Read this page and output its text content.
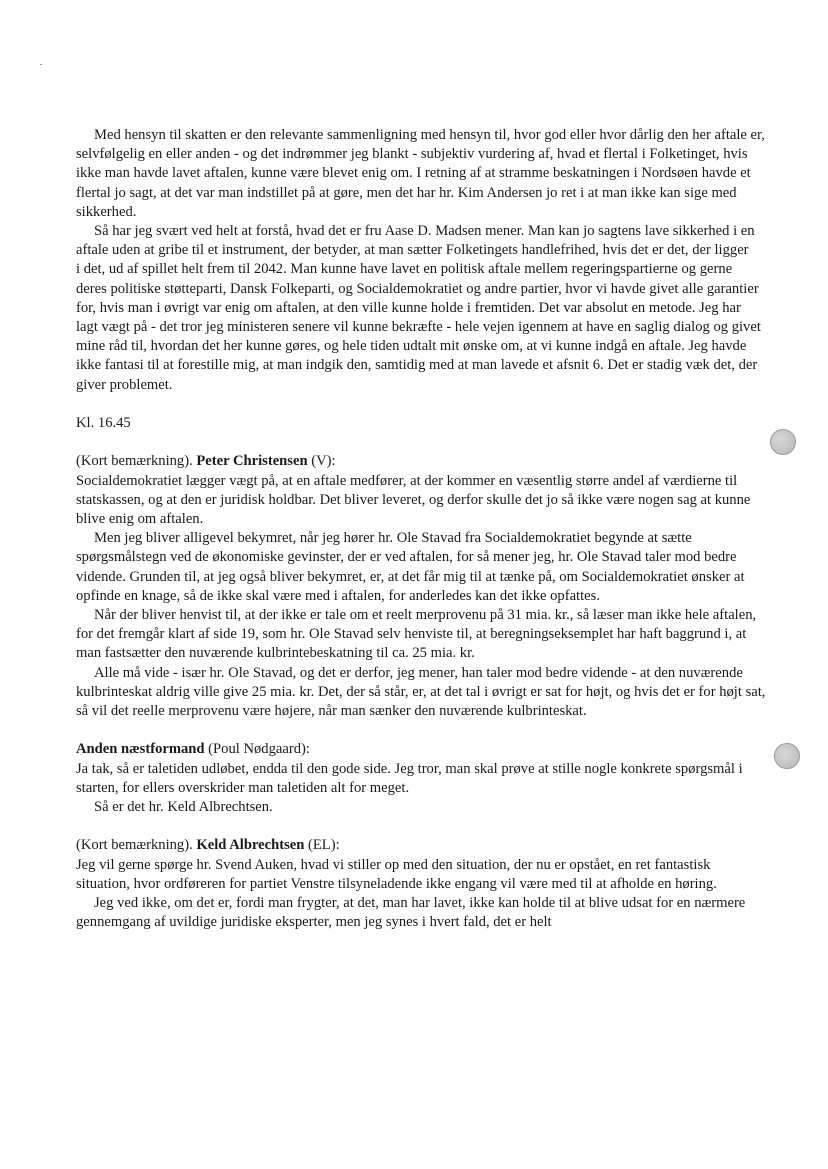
Med hensyn til skatten er den relevante sammenligning med hensyn til, hvor god eller hvor dårlig den her aftale er, selvfølgelig en eller anden - og det indrømmer jeg blankt - subjektiv vurdering af, hvad et flertal i Folketinget, hvis ikke man havde lavet aftalen, kunne være blevet enig om. I retning af at stramme beskatningen i Nordsøen havde et flertal jo sagt, at det var man indstillet på at gøre, men det har hr. Kim Andersen jo ret i at man ikke kan sige med sikkerhed.

Så har jeg svært ved helt at forstå, hvad det er fru Aase D. Madsen mener. Man kan jo sagtens lave sikkerhed i en aftale uden at gribe til et instrument, der betyder, at man sætter Folketingets handlefrihed, hvis det er det, der ligger

i det, ud af spillet helt frem til 2042. Man kunne have lavet en politisk aftale mellem regeringspartierne og gerne deres politiske støtteparti, Dansk Folkeparti, og Socialdemokratiet og andre partier, hvor vi havde givet alle garantier for, hvis man i øvrigt var enig om aftalen, at den ville kunne holde i fremtiden. Det var absolut en metode. Jeg har lagt vægt på - det tror jeg ministeren senere vil kunne bekræfte - hele vejen igennem at have en saglig dialog og givet mine råd til, hvordan det her kunne gøres, og hele tiden udtalt mit ønske om, at vi kunne indgå en aftale. Jeg havde ikke fantasi til at forestille mig, at man indgik den, samtidig med at man lavede et afsnit 6. Det er stadig væk det, der giver problemet.

Kl. 16.45

(Kort bemærkning). Peter Christensen (V):

Socialdemokratiet lægger vægt på, at en aftale medfører, at der kommer en væsentlig større andel af værdierne til statskassen, og at den er juridisk holdbar. Det bliver leveret, og derfor skulle det jo så ikke være nogen sag at kunne blive enig om aftalen.

Men jeg bliver alligevel bekymret, når jeg hører hr. Ole Stavad fra Socialdemokratiet begynde at sætte spørgsmålstegn ved de økonomiske gevinster, der er ved aftalen, for så mener jeg, hr. Ole Stavad taler mod bedre vidende. Grunden til, at jeg også bliver bekymret, er, at det får mig til at tænke på, om Socialdemokratiet ønsker at opfinde en knage, så de ikke skal være med i aftalen, for anderledes kan det ikke opfattes.

Når der bliver henvist til, at der ikke er tale om et reelt merprovenu på 31 mia. kr., så læser man ikke hele aftalen, for det fremgår klart af side 19, som hr. Ole Stavad selv henviste til, at beregningseksemplet har haft baggrund i, at man fastsætter den nuværende kulbrintebeskatning til ca. 25 mia. kr.

Alle må vide - især hr. Ole Stavad, og det er derfor, jeg mener, han taler mod bedre vidende - at den nuværende kulbrinteskat aldrig ville give 25 mia. kr. Det, der så står, er, at det tal i øvrigt er sat for højt, og hvis det er for højt sat, så vil det reelle merprovenu være højere, når man sænker den nuværende kulbrinteskat.

Anden næstformand (Poul Nødgaard):

Ja tak, så er taletiden udløbet, endda til den gode side. Jeg tror, man skal prøve at stille nogle konkrete spørgsmål i starten, for ellers overskrider man taletiden alt for meget.

Så er det hr. Keld Albrechtsen.

(Kort bemærkning). Keld Albrechtsen (EL):

Jeg vil gerne spørge hr. Svend Auken, hvad vi stiller op med den situation, der nu er opstået, en ret fantastisk situation, hvor ordføreren for partiet Venstre tilsyneladende ikke engang vil være med til at afholde en høring.

Jeg ved ikke, om det er, fordi man frygter, at det, man har lavet, ikke kan holde til at blive udsat for en nærmere gennemgang af uvildige juridiske eksperter, men jeg synes i hvert fald, det er helt
